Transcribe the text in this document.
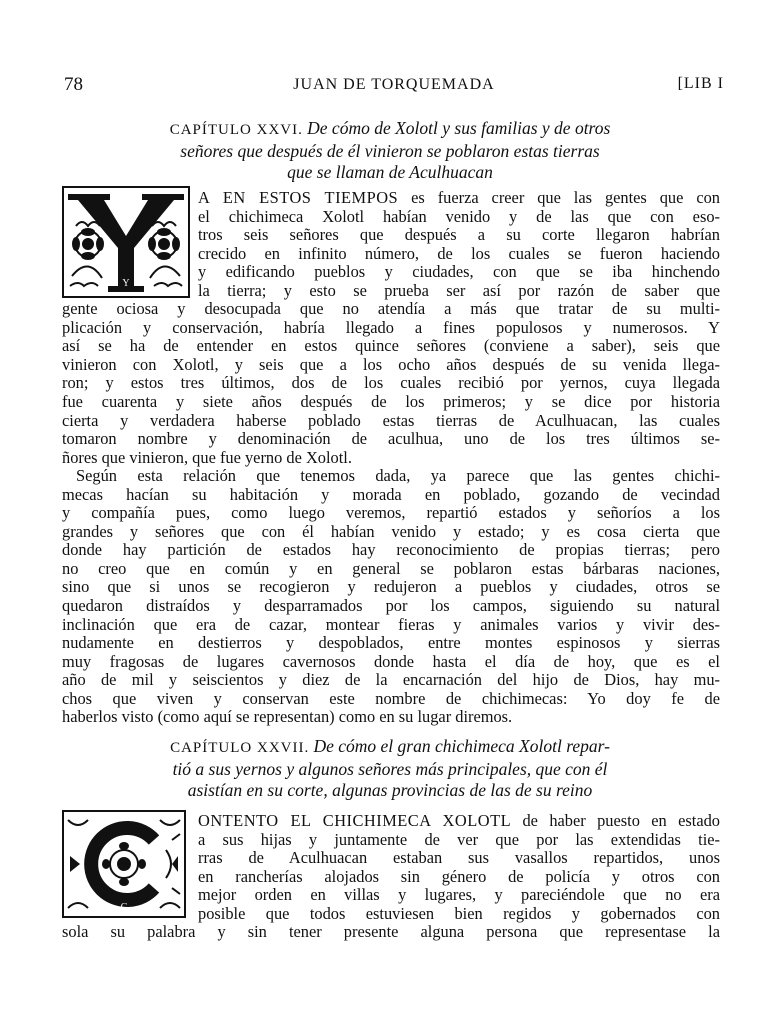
78	JUAN DE TORQUEMADA	[LIB I
CAPÍTULO XXVI. De cómo de Xolotl y sus familias y de otros
señores que después de él vinieron se poblaron estas tierras
que se llaman de Aculhuacan
Y
A EN ESTOS TIEMPOS es fuerza creer que las gentes que con
el chichimeca Xolotl habían venido y de las que con eso-
tros seis señores que después a su corte llegaron habrían
crecido en infinito número, de los cuales se fueron haciendo
y edificando pueblos y ciudades, con que se iba hinchendo
la tierra; y esto se prueba ser así por razón de saber que
gente ociosa y desocupada que no atendía a más que tratar de su multi-
plicación y conservación, habría llegado a fines populosos y numerosos. Y
así se ha de entender en estos quince señores (conviene a saber), seis que
vinieron con Xolotl, y seis que a los ocho años después de su venida llega-
ron; y estos tres últimos, dos de los cuales recibió por yernos, cuya llegada
fue cuarenta y siete años después de los primeros; y se dice por historia
cierta y verdadera haberse poblado estas tierras de Aculhuacan, las cuales
tomaron nombre y denominación de aculhua, uno de los tres últimos se-
ñores que vinieron, que fue yerno de Xolotl.
Según esta relación que tenemos dada, ya parece que las gentes chichi-
mecas hacían su habitación y morada en poblado, gozando de vecindad
y compañía pues, como luego veremos, repartió estados y señoríos a los
grandes y señores que con él habían venido y estado; y es cosa cierta que
donde hay partición de estados hay reconocimiento de propias tierras; pero
no creo que en común y en general se poblaron estas bárbaras naciones,
sino que si unos se recogieron y redujeron a pueblos y ciudades, otros se
quedaron distraídos y desparramados por los campos, siguiendo su natural
inclinación que era de cazar, montear fieras y animales varios y vivir des-
nudamente en destierros y despoblados, entre montes espinosos y sierras
muy fragosas de lugares cavernosos donde hasta el día de hoy, que es el
año de mil y seiscientos y diez de la encarnación del hijo de Dios, hay mu-
chos que viven y conservan este nombre de chichimecas: Yo doy fe de
haberlos visto (como aquí se representan) como en su lugar diremos.
CAPÍTULO XXVII. De cómo el gran chichimeca Xolotl repar-
tió a sus yernos y algunos señores más principales, que con él
asistían en su corte, algunas provincias de las de su reino
C
ONTENTO EL CHICHIMECA XOLOTL de haber puesto en estado
a sus hijas y juntamente de ver que por las extendidas tie-
rras de Aculhuacan estaban sus vasallos repartidos, unos
en rancherías alojados sin género de policía y otros con
mejor orden en villas y lugares, y pareciéndole que no era
posible que todos estuviesen bien regidos y gobernados con
sola su palabra y sin tener presente alguna persona que representase la
